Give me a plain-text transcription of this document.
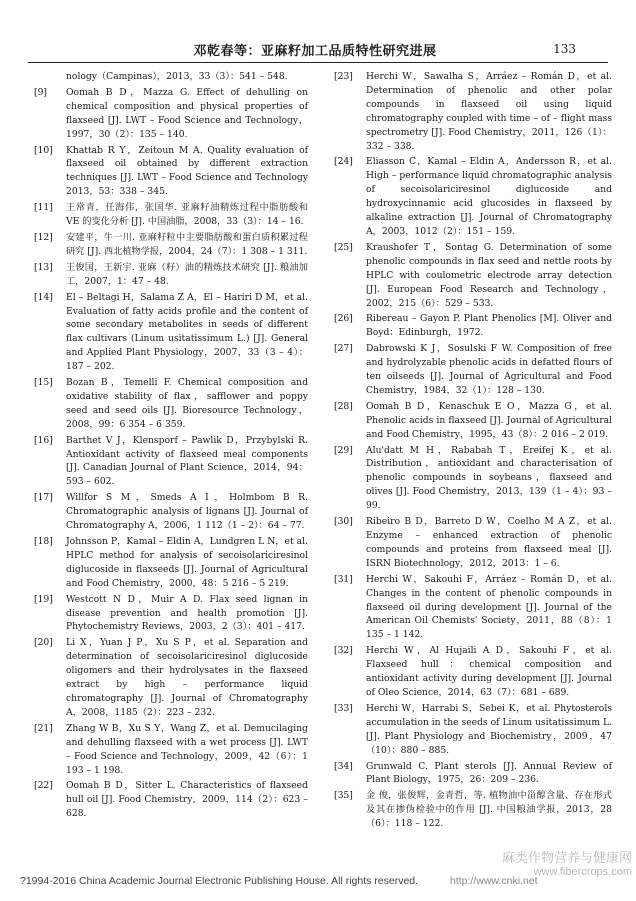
邓乾春等：亚麻籽加工品质特性研究进展	133
nology（Campinas），2013，33（3）：541 – 548.
[9]	Oomah B D，Mazza G. Effect of dehulling on chemical composition and physical properties of flaxseed [J]. LWT – Food Science and Technology，1997，30（2）：135 – 140.
[10]	Khattab R Y，Zeitoun M A. Quality evaluation of flaxseed oil obtained by different extraction techniques [J]. LWT – Food Science and Technology 2013，53：338 – 345.
[11]	王常青，任海伟，张国华. 亚麻籽油精炼过程中脂肪酸和 VE 的变化分析 [J]. 中国油脂，2008，33（3）：14 – 16.
[12]	安建平，牛一川. 亚麻籽粒中主要脂肪酸和蛋白质积累过程研究 [J]. 西北植物学报，2004，24（7）：1 308 – 1 311.
[13]	王俊国，王新宇. 亚麻（籽）油的精炼技术研究 [J]. 粮油加工，2007，1：47 – 48.
[14]	El – Beltagi H，Salama Z A，El – Hariri D M，et al. Evaluation of fatty acids profile and the content of some secondary metabolites in seeds of different flax cultivars (Linum usitatissimum L.) [J]. General and Applied Plant Physiology，2007，33（3 – 4）：187 – 202.
[15]	Bozan B，Temelli F. Chemical composition and oxidative stability of flax，safflower and poppy seed and seed oils [J]. Bioresource Technology，2008，99：6 354 – 6 359.
[16]	Barthet V J，Klensporf – Pawlik D，Przybylski R. Antioxidant activity of flaxseed meal components [J]. Canadian Journal of Plant Science，2014，94：593 – 602.
[17]	Willfor S M，Smeds A I，Holmbom B R. Chromatographic analysis of lignans [J]. Journal of Chromatography A，2006，1 112（1 – 2）：64 – 77.
[18]	Johnsson P，Kamal – Eldin A，Lundgren L N，et al. HPLC method for analysis of secoisolariciresinol diglucoside in flaxseeds [J]. Journal of Agricultural and Food Chemistry，2000，48：5 216 – 5 219.
[19]	Westcott N D，Muir A D. Flax seed lignan in disease prevention and health promotion [J]. Phytochemistry Reviews，2003，2（3）：401 – 417.
[20]	Li X，Yuan J P，Xu S P，et al. Separation and determination of secoisolariciresinol diglucoside oligomers and their hydrolysates in the flaxseed extract by high – performance liquid chromatography [J]. Journal of Chromatography A，2008，1185（2）：223 – 232.
[21]	Zhang W B，Xu S Y，Wang Z，et al. Demucilaging and dehulling flaxseed with a wet process [J]. LWT – Food Science and Technology，2009，42（6）：1 193 – 1 198.
[22]	Oomah B D，Sitter L. Characteristics of flaxseed hull oil [J]. Food Chemistry，2009，114（2）：623 – 628.
[23]	Herchi W，Sawalha S，Arráez – Román D，et al. Determination of phenolic and other polar compounds in flaxseed oil using liquid chromatography coupled with time – of – flight mass spectrometry [J]. Food Chemistry，2011，126（1）：332 – 338.
[24]	Eliasson C，Kamal – Eldin A，Andersson R，et al. High – performance liquid chromatographic analysis of secoisolariciresinol diglucoside and hydroxycinnamic acid glucosides in flaxseed by alkaline extraction [J]. Journal of Chromatography A，2003，1012（2）：151 – 159.
[25]	Kraushofer T，Sontag G. Determination of some phenolic compounds in flax seed and nettle roots by HPLC with coulometric electrode array detection [J]. European Food Research and Technology，2002，215（6）：529 – 533.
[26]	Ribereau – Gayon P. Plant Phenolics [M]. Oliver and Boyd：Edinburgh，1972.
[27]	Dabrowski K J，Sosulski F W. Composition of free and hydrolyzable phenolic acids in defatted flours of ten oilseeds [J]. Journal of Agricultural and Food Chemistry，1984，32（1）：128 – 130.
[28]	Oomah B D，Kenaschuk E O，Mazza G，et al. Phenolic acids in flaxseed [J]. Journal of Agricultural and Food Chemistry，1995，43（8）：2 016 – 2 019.
[29]	Alu'datt M H，Rababah T，Ereifej K，et al. Distribution，antioxidant and characterisation of phenolic compounds in soybeans，flaxseed and olives [J]. Food Chemistry，2013，139（1 – 4）：93 – 99.
[30]	Ribeiro B D，Barreto D W，Coelho M A Z，et al. Enzyme – enhanced extraction of phenolic compounds and proteins from flaxseed meal [J]. ISRN Biotechnology，2012，2013：1 – 6.
[31]	Herchi W，Sakouhi F，Arráez – Román D，et al. Changes in the content of phenolic compounds in flaxseed oil during development [J]. Journal of the American Oil Chemists' Society，2011，88（8）：1 135 – 1 142.
[32]	Herchi W，Al Hujaili A D，Sakouhi F，et al. Flaxseed hull：chemical composition and antioxidant activity during development [J]. Journal of Oleo Science，2014，63（7）：681 – 689.
[33]	Herchi W，Harrabi S，Sebei K，et al. Phytosterols accumulation in the seeds of Linum usitatissimum L. [J]. Plant Physiology and Biochemistry，2009，47（10）：880 – 885.
[34]	Grunwald C. Plant sterols [J]. Annual Review of Plant Biology，1975，26：209 – 236.
[35]	金 俊，张俊辉，金青哲，等. 植物油中甾醇含量、存在形式及其在掺伪检验中的作用 [J]. 中国粮油学报，2013，28（6）：118 – 122.
麻类作物营养与健康网
www.fibercrops.com
?1994-2016 China Academic Journal Electronic Publishing House. All rights reserved.	http://www.cnki.net
